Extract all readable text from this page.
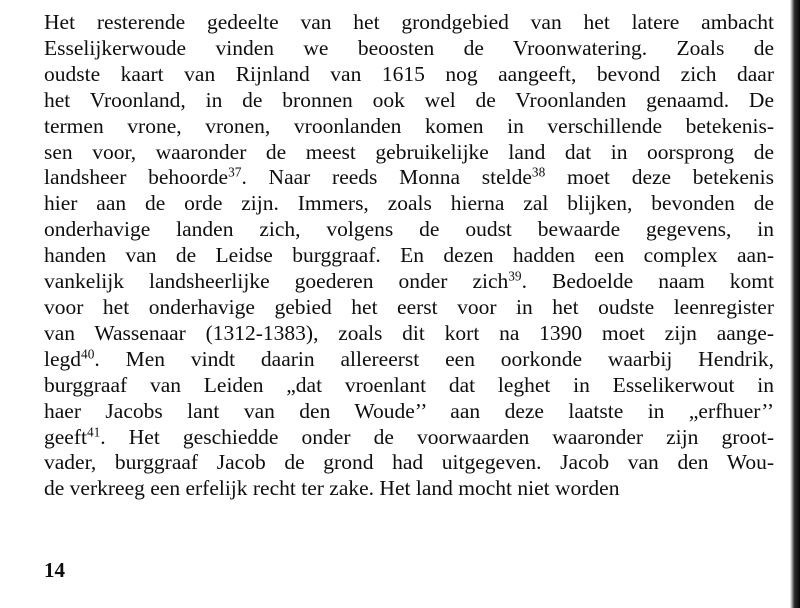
Het resterende gedeelte van het grondgebied van het latere ambacht
Esselijkerwoude vinden we beoosten de Vroonwatering. Zoals de
oudste kaart van Rijnland van 1615 nog aangeeft, bevond zich daar
het Vroonland, in de bronnen ook wel de Vroonlanden genaamd. De
termen vrone, vronen, vroonlanden komen in verschillende betekenis-
sen voor, waaronder de meest gebruikelijke land dat in oorsprong de
landsheer behoorde$^{37}$. Naar reeds Monna stelde$^{38}$ moet deze betekenis
hier aan de orde zijn. Immers, zoals hierna zal blijken, bevonden de
onderhavige landen zich, volgens de oudst bewaarde gegevens, in
handen van de Leidse burggraaf. En dezen hadden een complex aan-
vankelijk landsheerlijke goederen onder zich$^{39}$. Bedoelde naam komt
voor het onderhavige gebied het eerst voor in het oudste leenregister
van Wassenaar (1312-1383), zoals dit kort na 1390 moet zijn aange-
legd$^{40}$. Men vindt daarin allereerst een oorkonde waarbij Hendrik,
burggraaf van Leiden „dat vroenlant dat leghet in Esselikerwout in
haer Jacobs lant van den Woude’’ aan deze laatste in „erfhuer’’
geeft$^{41}$. Het geschiedde onder de voorwaarden waaronder zijn groot-
vader, burggraaf Jacob de grond had uitgegeven. Jacob van den Wou-
de verkreeg een erfelijk recht ter zake. Het land mocht niet worden
14
